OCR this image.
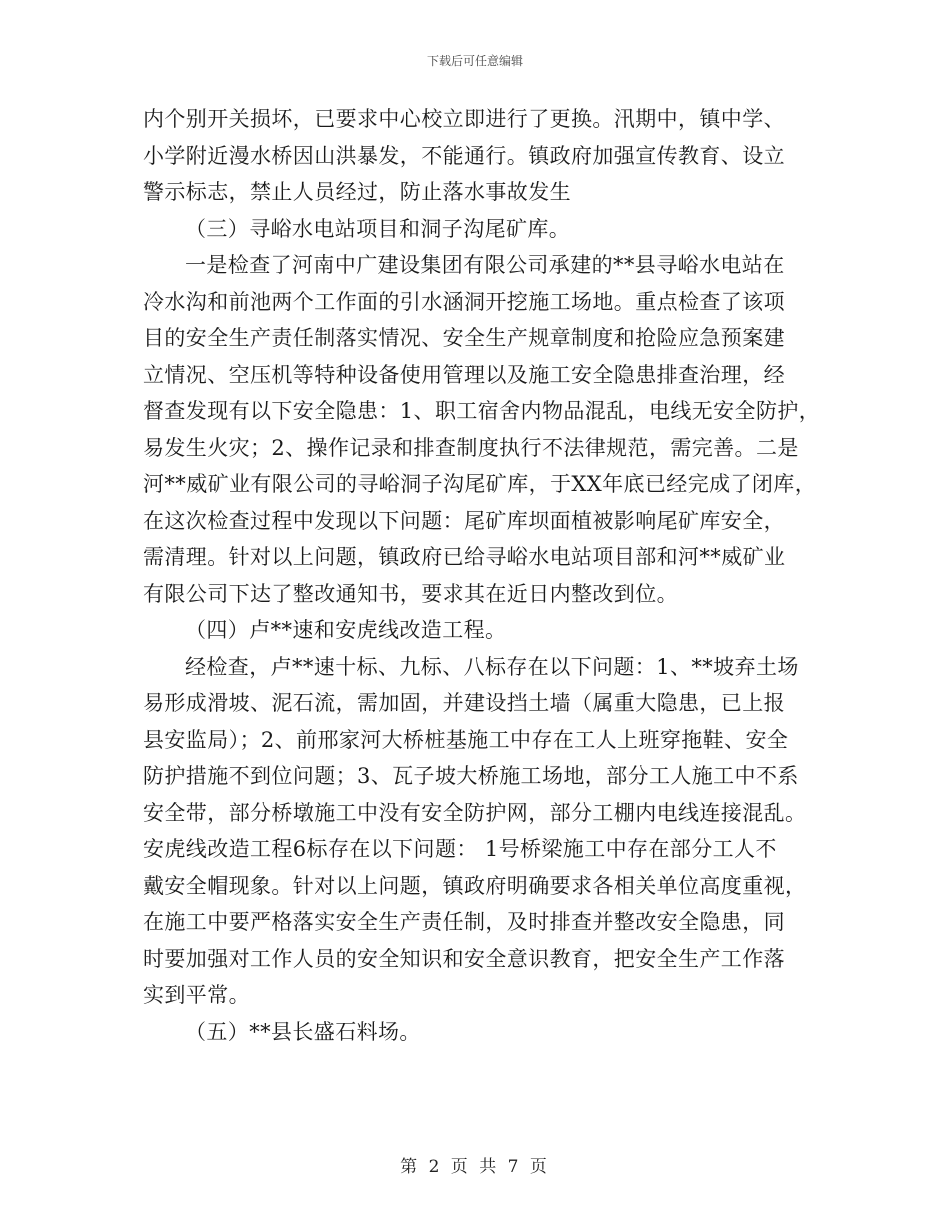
下载后可任意编辑
内个别开关损坏，已要求中心校立即进行了更换。汛期中，镇中学、
小学附近漫水桥因山洪暴发，不能通行。镇政府加强宣传教育、设立
警示标志，禁止人员经过，防止落水事故发生
（三）寻峪水电站项目和洞子沟尾矿库。
一是检查了河南中广建设集团有限公司承建的**县寻峪水电站在
冷水沟和前池两个工作面的引水涵洞开挖施工场地。重点检查了该项
目的安全生产责任制落实情况、安全生产规章制度和抢险应急预案建
立情况、空压机等特种设备使用管理以及施工安全隐患排查治理，经
督查发现有以下安全隐患：1、职工宿舍内物品混乱，电线无安全防护，
易发生火灾；2、操作记录和排查制度执行不法律规范，需完善。二是
河**威矿业有限公司的寻峪洞子沟尾矿库，于XX年底已经完成了闭库，
在这次检查过程中发现以下问题：尾矿库坝面植被影响尾矿库安全，
需清理。针对以上问题，镇政府已给寻峪水电站项目部和河**威矿业
有限公司下达了整改通知书，要求其在近日内整改到位。
（四）卢**速和安虎线改造工程。
经检查，卢**速十标、九标、八标存在以下问题：1、**坡弃土场
易形成滑坡、泥石流，需加固，并建设挡土墙（属重大隐患，已上报
县安监局）；2、前邢家河大桥桩基施工中存在工人上班穿拖鞋、安全
防护措施不到位问题；3、瓦子坡大桥施工场地，部分工人施工中不系
安全带，部分桥墩施工中没有安全防护网，部分工棚内电线连接混乱。
安虎线改造工程6标存在以下问题： 1号桥梁施工中存在部分工人不
戴安全帽现象。针对以上问题，镇政府明确要求各相关单位高度重视，
在施工中要严格落实安全生产责任制，及时排查并整改安全隐患，同
时要加强对工作人员的安全知识和安全意识教育，把安全生产工作落
实到平常。
（五）**县长盛石料场。
第 2 页 共 7 页
